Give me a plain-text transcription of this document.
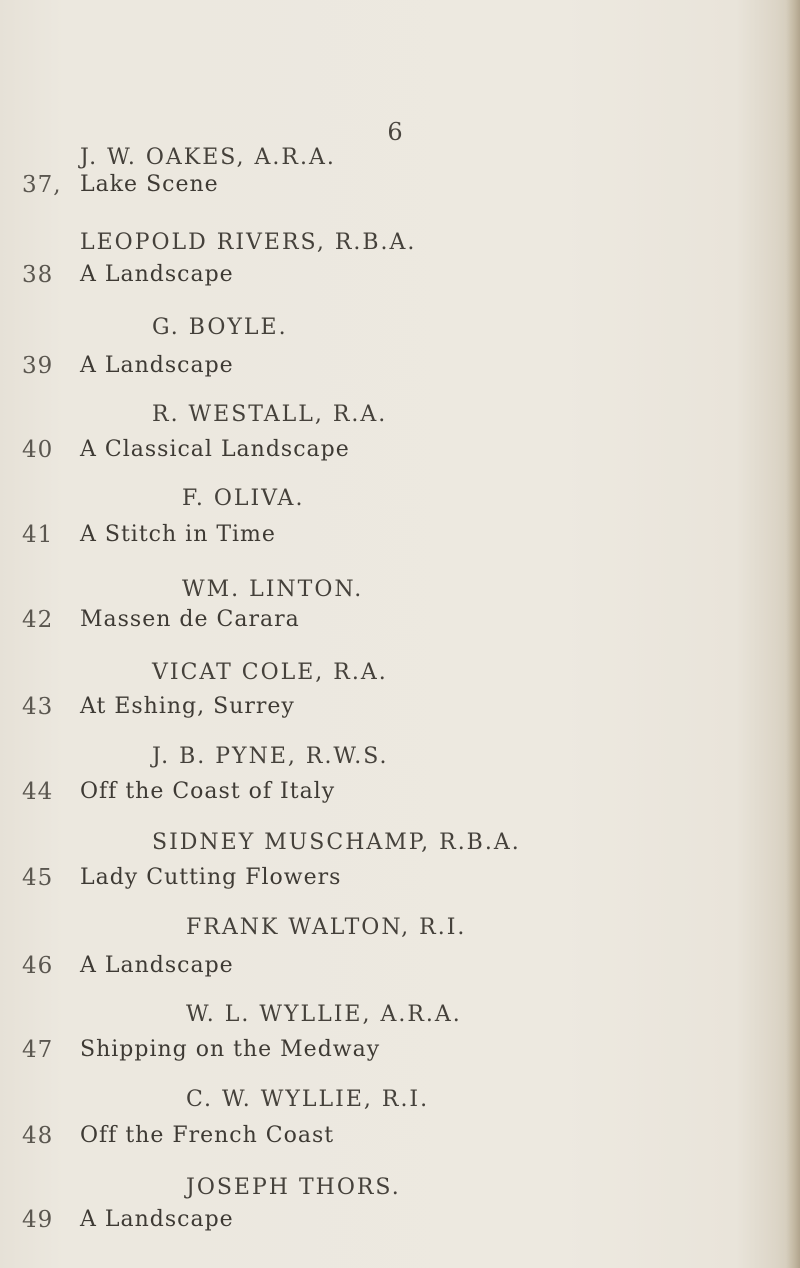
6
J. W. OAKES, A.R.A.
37, Lake Scene
LEOPOLD RIVERS, R.B.A.
38 A Landscape
G. BOYLE.
39 A Landscape
R. WESTALL, R.A.
40 A Classical Landscape
F. OLIVA.
41 A Stitch in Time
WM. LINTON.
42 Massen de Carara
VICAT COLE, R.A.
43 At Eshing, Surrey
J. B. PYNE, R.W.S.
44 Off the Coast of Italy
SIDNEY MUSCHAMP, R.B.A.
45 Lady Cutting Flowers
FRANK WALTON, R.I.
46 A Landscape
W. L. WYLLIE, A.R.A.
47 Shipping on the Medway
C. W. WYLLIE, R.I.
48 Off the French Coast
JOSEPH THORS.
49 A Landscape
